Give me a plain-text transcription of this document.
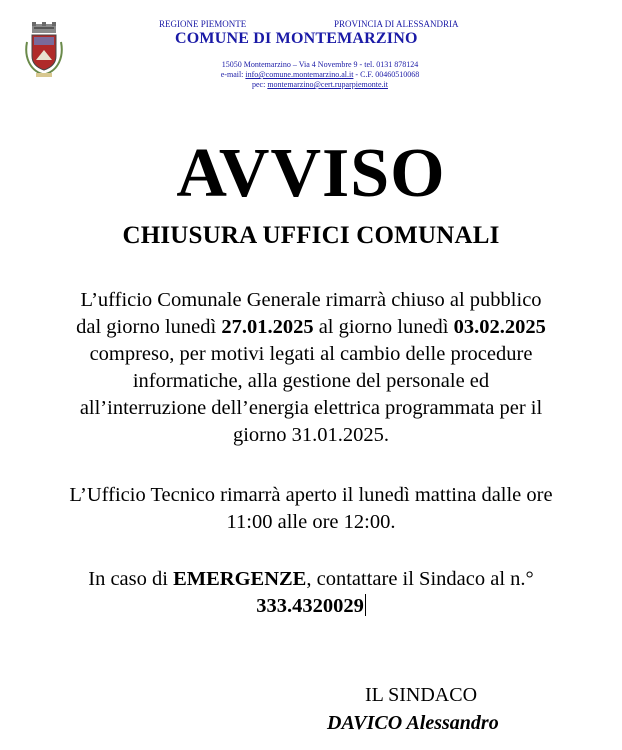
REGIONE PIEMONTE	PROVINCIA DI ALESSANDRIA
COMUNE DI MONTEMARZINO
15050 Montemarzino – Via 4 Novembre 9 - tel. 0131 878124
e-mail: info@comune.montemarzino.al.it - C.F. 00460510068
pec: montemarzino@cert.ruparpiemonte.it
AVVISO
CHIUSURA UFFICI COMUNALI
L’ufficio Comunale Generale rimarrà chiuso al pubblico
dal giorno lunedì 27.01.2025 al giorno lunedì 03.02.2025
compreso, per motivi legati al cambio delle procedure
informatiche, alla gestione del personale ed
all’interruzione dell’energia elettrica programmata per il
giorno 31.01.2025.
L’Ufficio Tecnico rimarrà aperto il lunedì mattina dalle ore
11:00 alle ore 12:00.
In caso di EMERGENZE, contattare il Sindaco al n.°
333.4320029
IL SINDACO
DAVICO Alessandro
